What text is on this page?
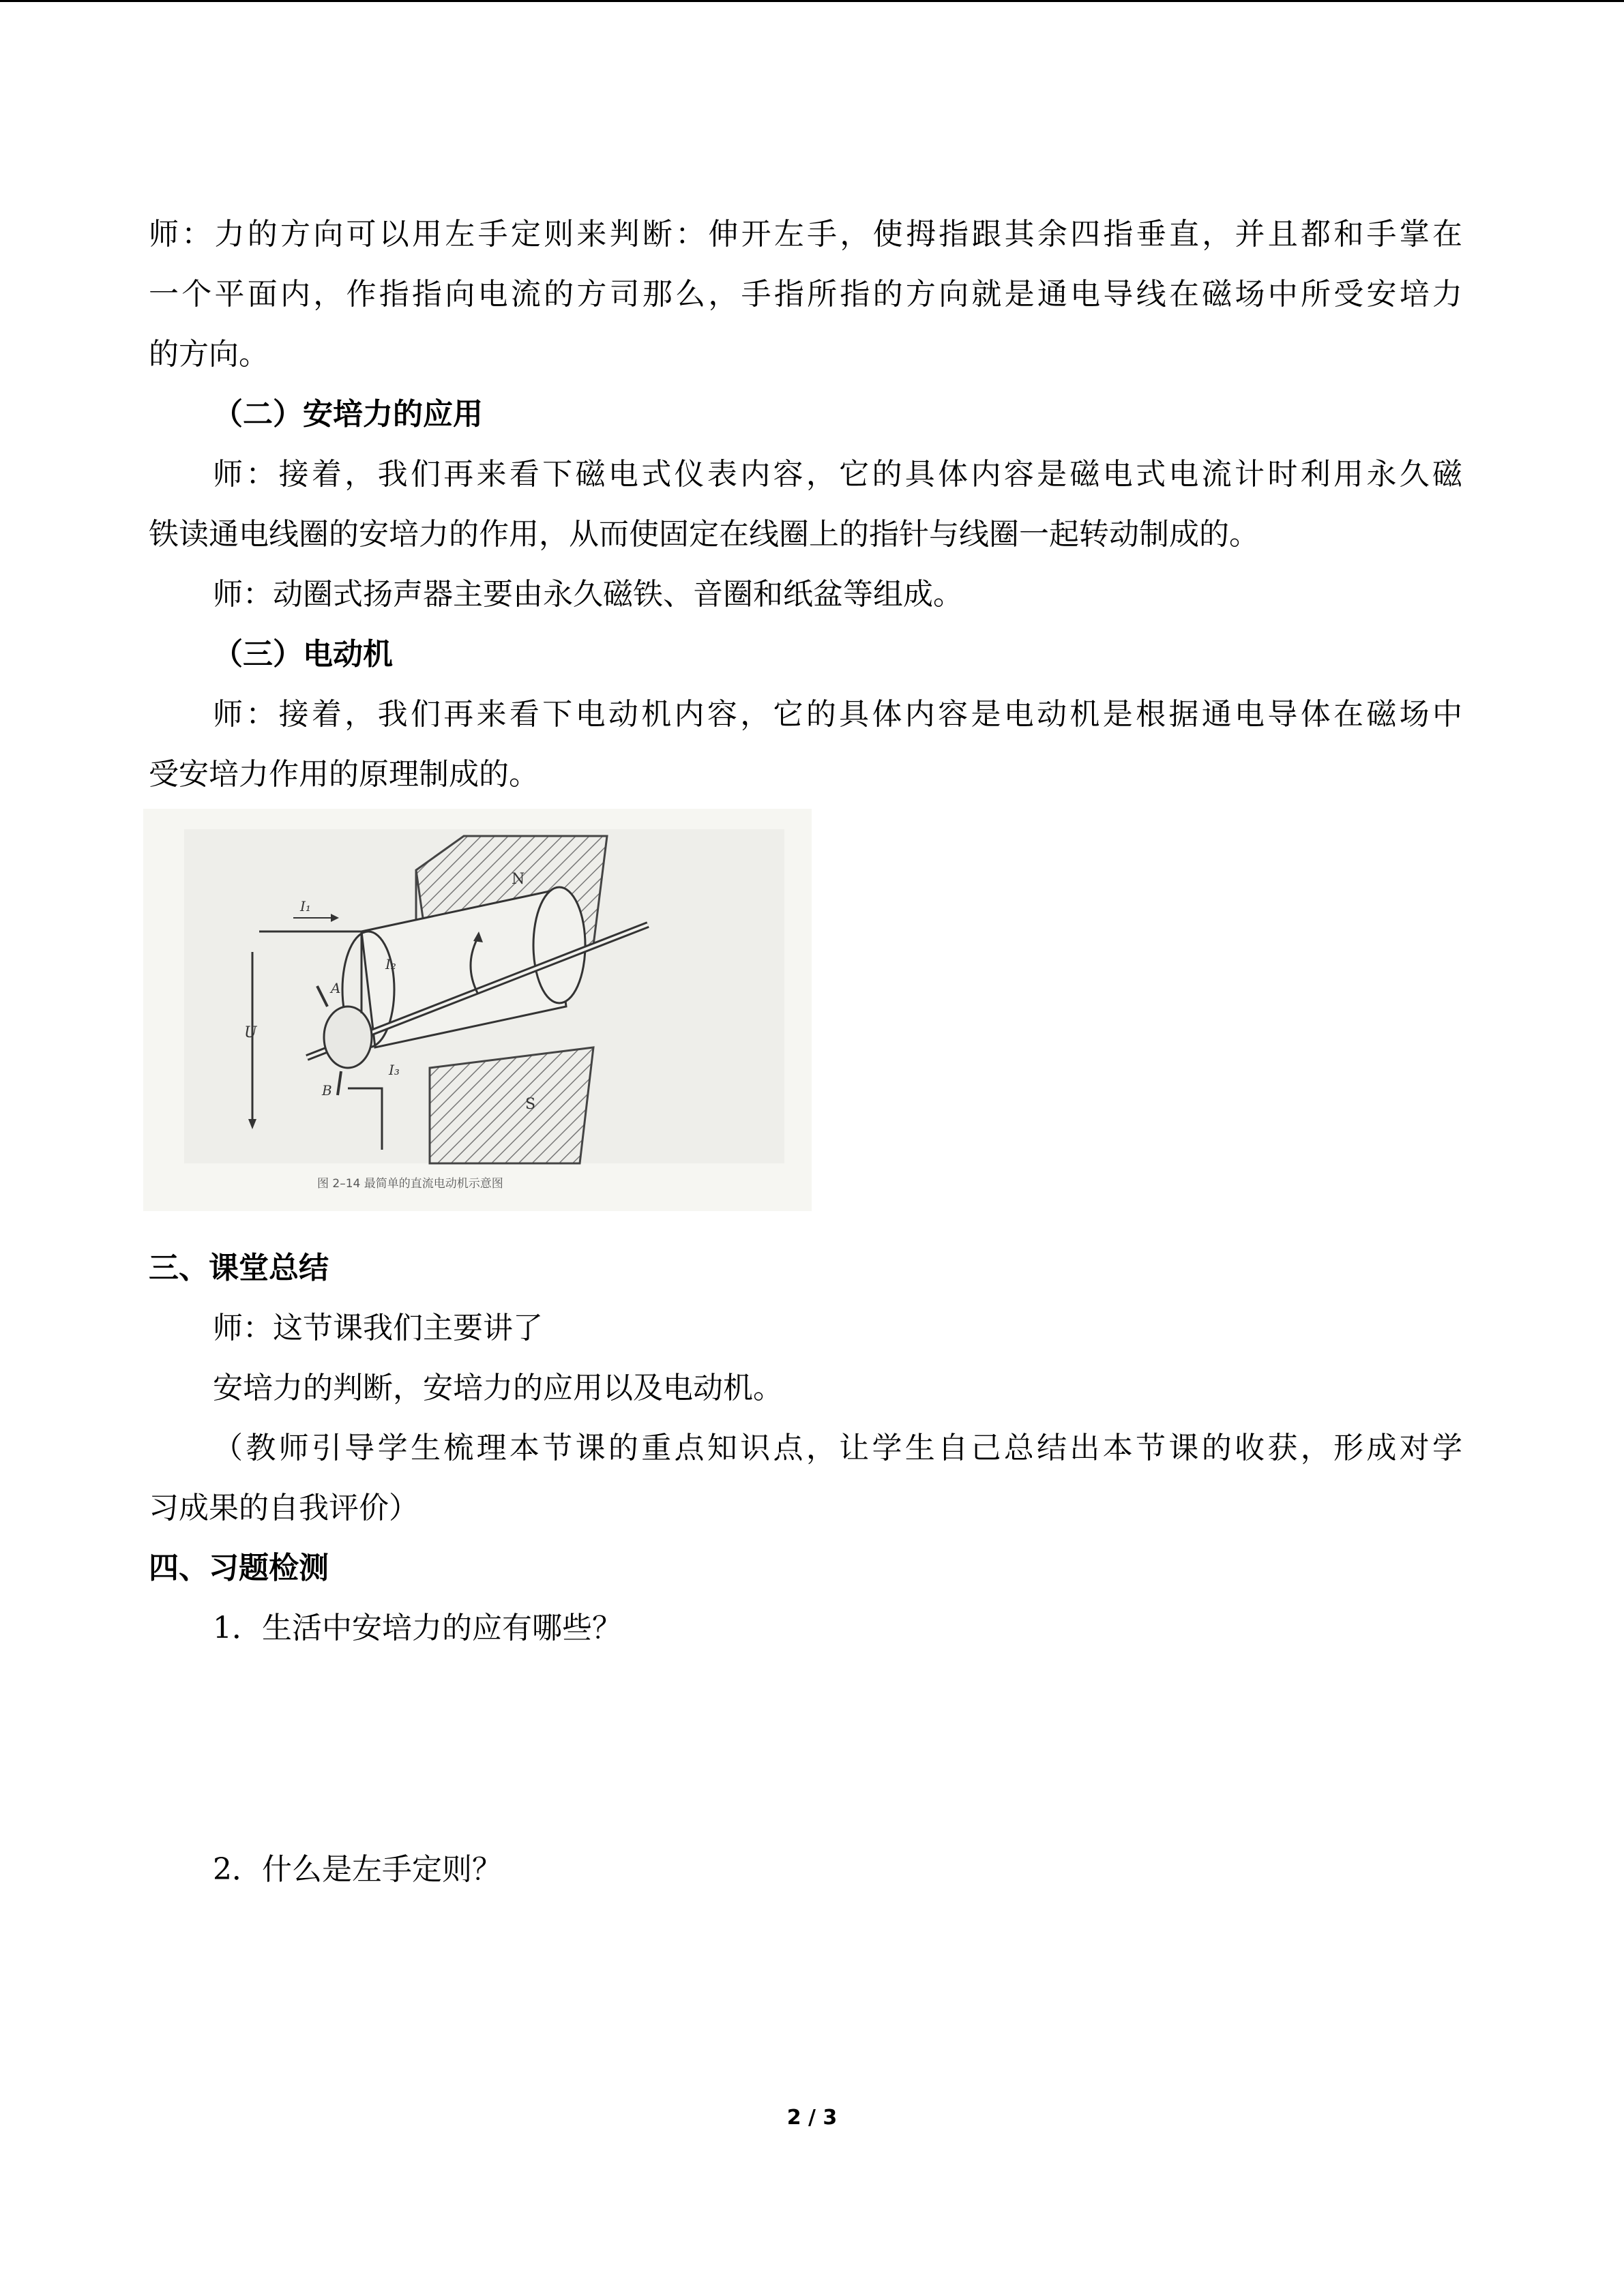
师：力的方向可以用左手定则来判断：伸开左手，使拇指跟其余四指垂直，并且都和手掌在
一个平面内，作指指向电流的方司那么，手指所指的方向就是通电导线在磁场中所受安培力
的方向。
（二）安培力的应用
师：接着，我们再来看下磁电式仪表内容，它的具体内容是磁电式电流计时利用永久磁
铁读通电线圈的安培力的作用，从而使固定在线圈上的指针与线圈一起转动制成的。
师：动圈式扬声器主要由永久磁铁、音圈和纸盆等组成。
（三）电动机
师：接着，我们再来看下电动机内容，它的具体内容是电动机是根据通电导体在磁场中
受安培力作用的原理制成的。
N
S
I₁
I₂
I₃
U
A
B
图 2–14 最简单的直流电动机示意图
三、课堂总结
师：这节课我们主要讲了
安培力的判断，安培力的应用以及电动机。
（教师引导学生梳理本节课的重点知识点，让学生自己总结出本节课的收获，形成对学
习成果的自我评价）
四、习题检测
1．生活中安培力的应有哪些？
2．什么是左手定则？
2 / 3
